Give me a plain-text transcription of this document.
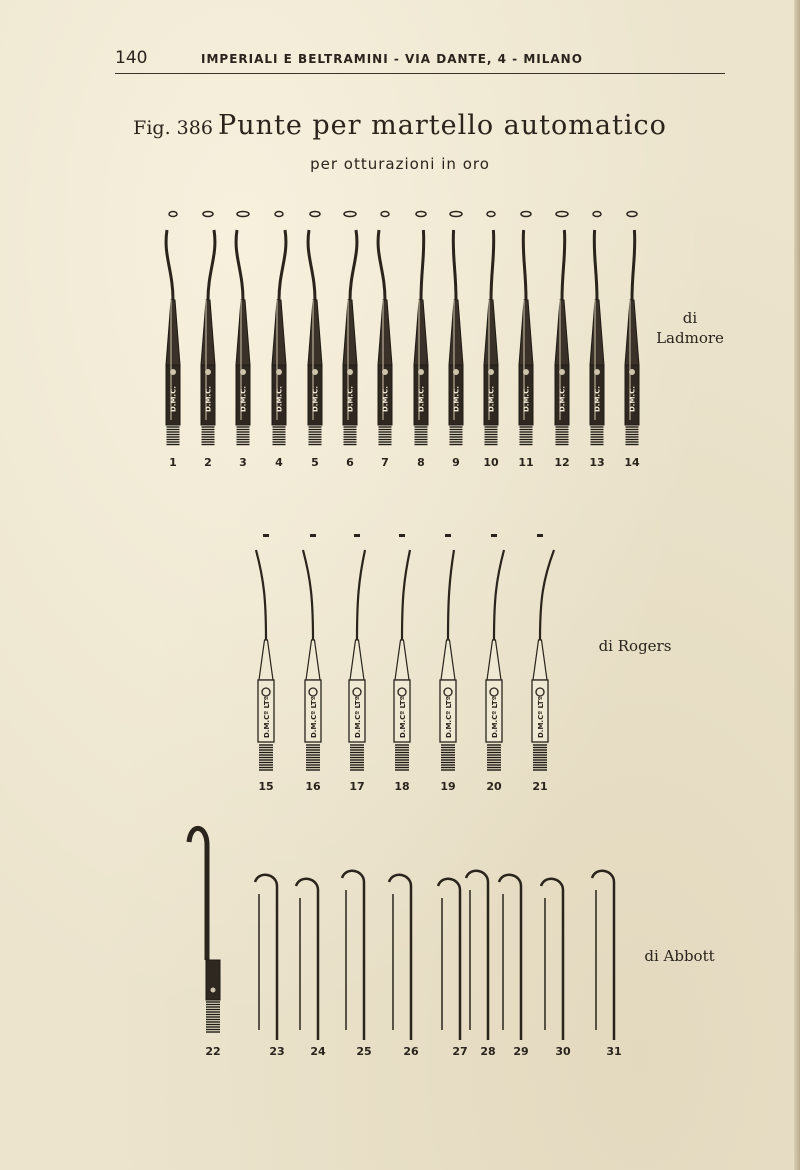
140	IMPERIALI E BELTRAMINI - VIA DANTE, 4 - MILANO
Fig. 386 Punte per martello automatico
per otturazioni in oro
di
Ladmore
di Rogers
di Abbott
D.M.C.
1
D.M.C.
2
D.M.C.
3
D.M.C.
4
D.M.C.
5
D.M.C.
6
D.M.C.
7
D.M.C.
8
D.M.C.
9
D.M.C.
10
D.M.C.
11
D.M.C.
12
D.M.C.
13
D.M.C.
14
D.M.Cº LTº
15
D.M.Cº LTº
16
D.M.Cº LTº
17
D.M.Cº LTº
18
D.M.Cº LTº
19
D.M.Cº LTº
20
D.M.Cº LTº
21
22	23 24	25	26	27 28 29 30	31
